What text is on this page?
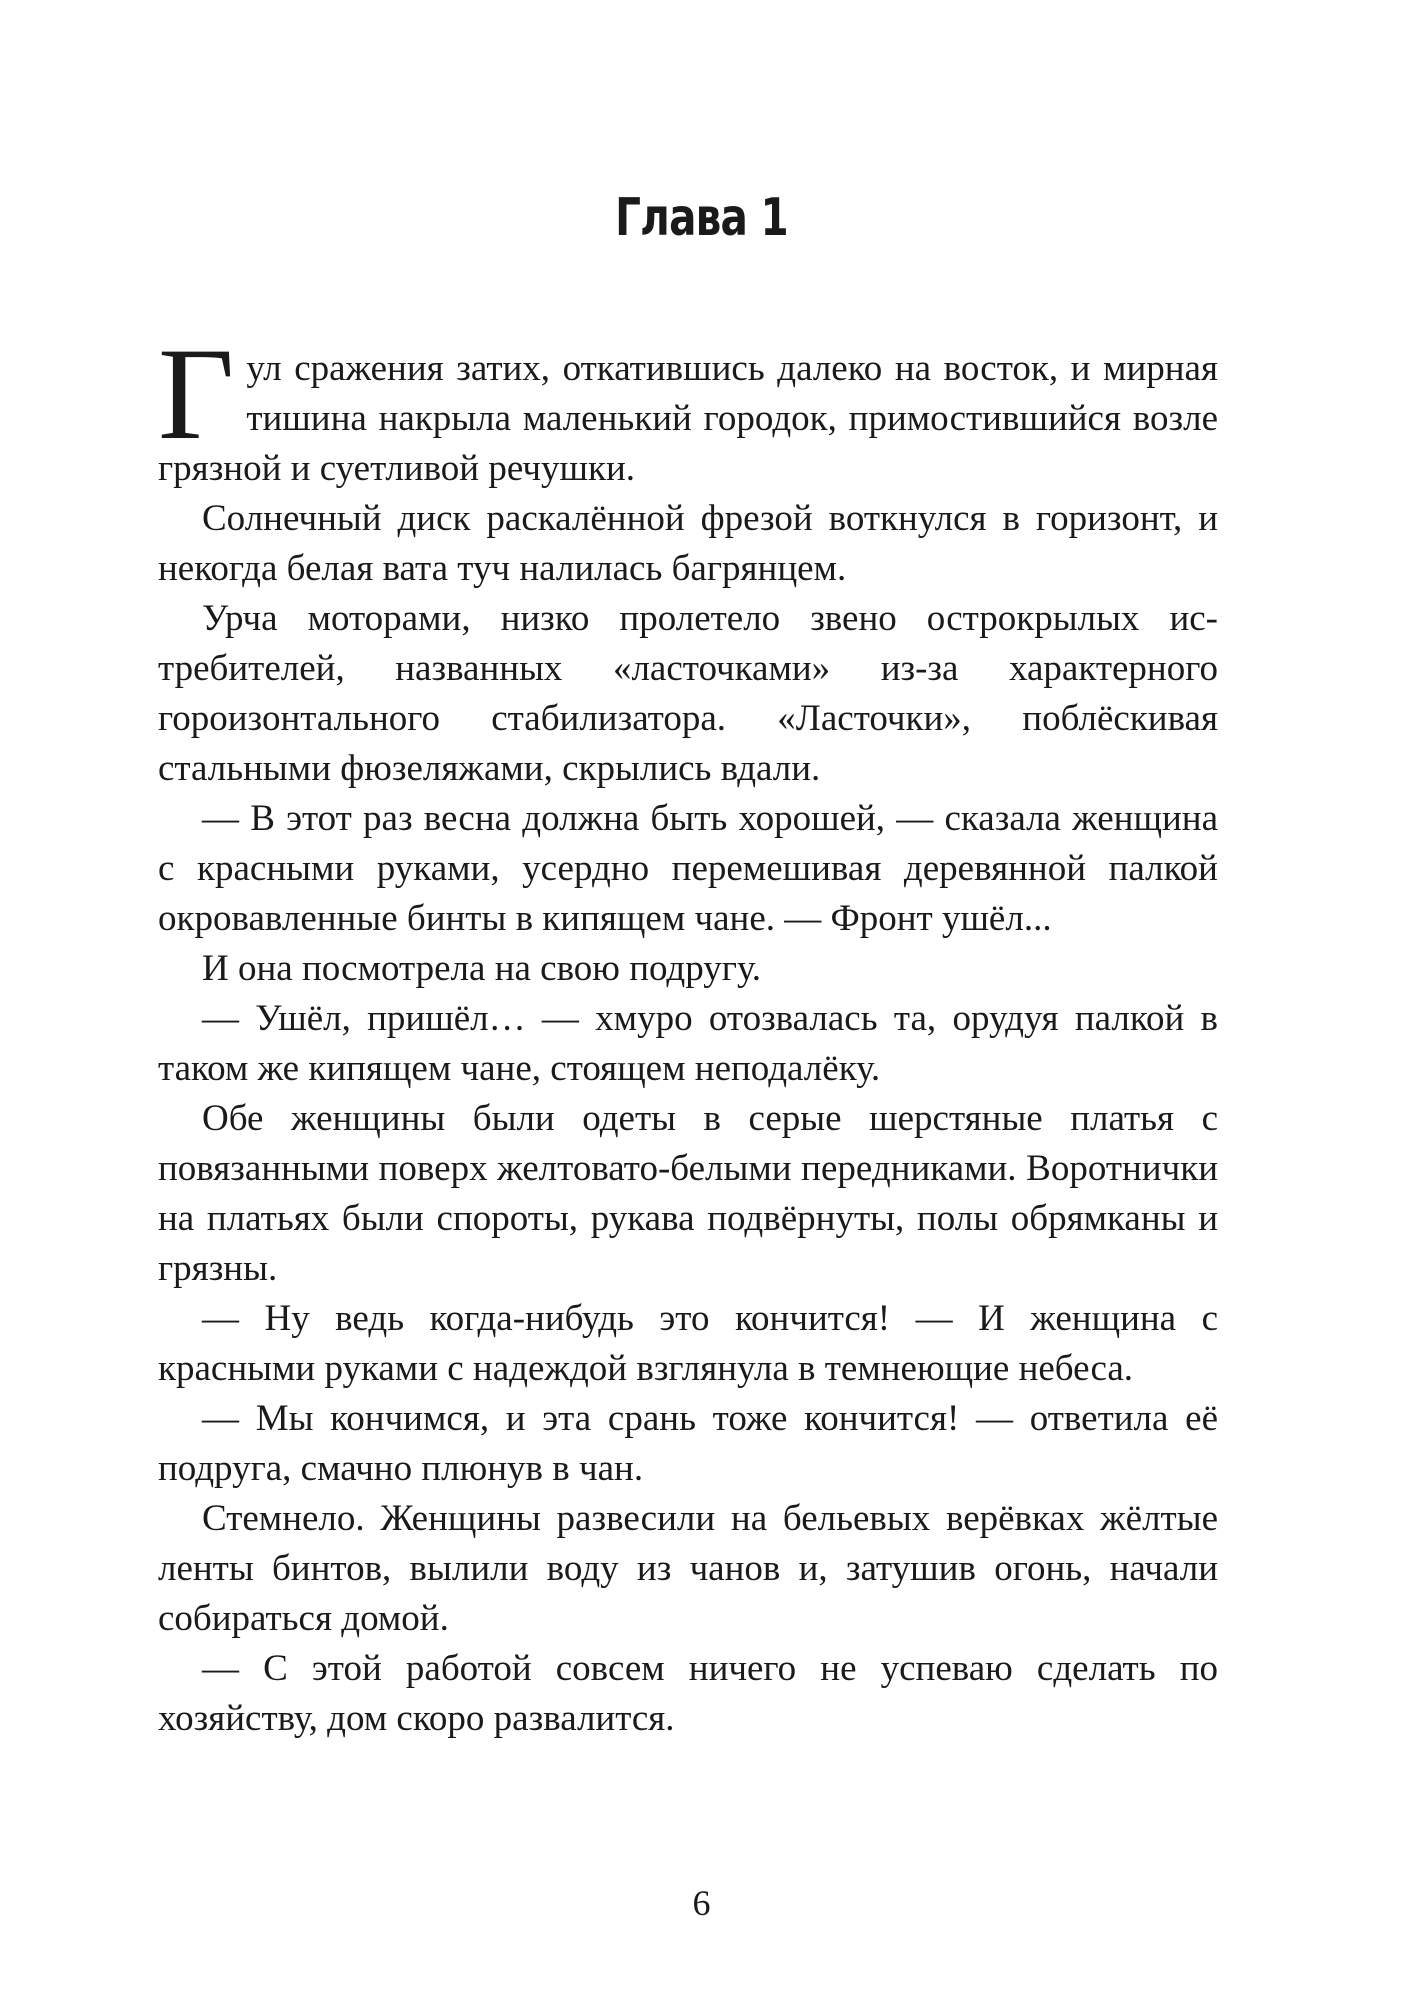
Глава 1

Гул сражения затих, откатившись далеко на восток, и мирная тишина накрыла маленький городок, примостившийся возле грязной и суетливой речушки.

Солнечный диск раскалённой фрезой воткнулся в горизонт, и некогда белая вата туч налилась багрянцем.

Урча моторами, низко пролетело звено острокрылых истребителей, названных «ласточками» из-за характерного гороизонтального стабилизатора. «Ласточки», поблёскивая стальными фюзеляжами, скрылись вдали.

— В этот раз весна должна быть хорошей, — сказала женщина с красными руками, усердно перемешивая деревянной палкой окровавленные бинты в кипящем чане. — Фронт ушёл...

И она посмотрела на свою подругу.

— Ушёл, пришёл… — хмуро отозвалась та, орудуя палкой в таком же кипящем чане, стоящем неподалёку.

Обе женщины были одеты в серые шерстяные платья с повязанными поверх желтовато-белыми передниками. Воротнички на платьях были спороты, рукава подвёрнуты, полы обрямканы и грязны.

— Ну ведь когда-нибудь это кончится! — И женщина с красными руками с надеждой взглянула в темнеющие небеса.

— Мы кончимся, и эта срань тоже кончится! — ответила её подруга, смачно плюнув в чан.

Стемнело. Женщины развесили на бельевых верёвках жёлтые ленты бинтов, вылили воду из чанов и, затушив огонь, начали собираться домой.

— С этой работой совсем ничего не успеваю сделать по хозяйству, дом скоро развалится.

6
